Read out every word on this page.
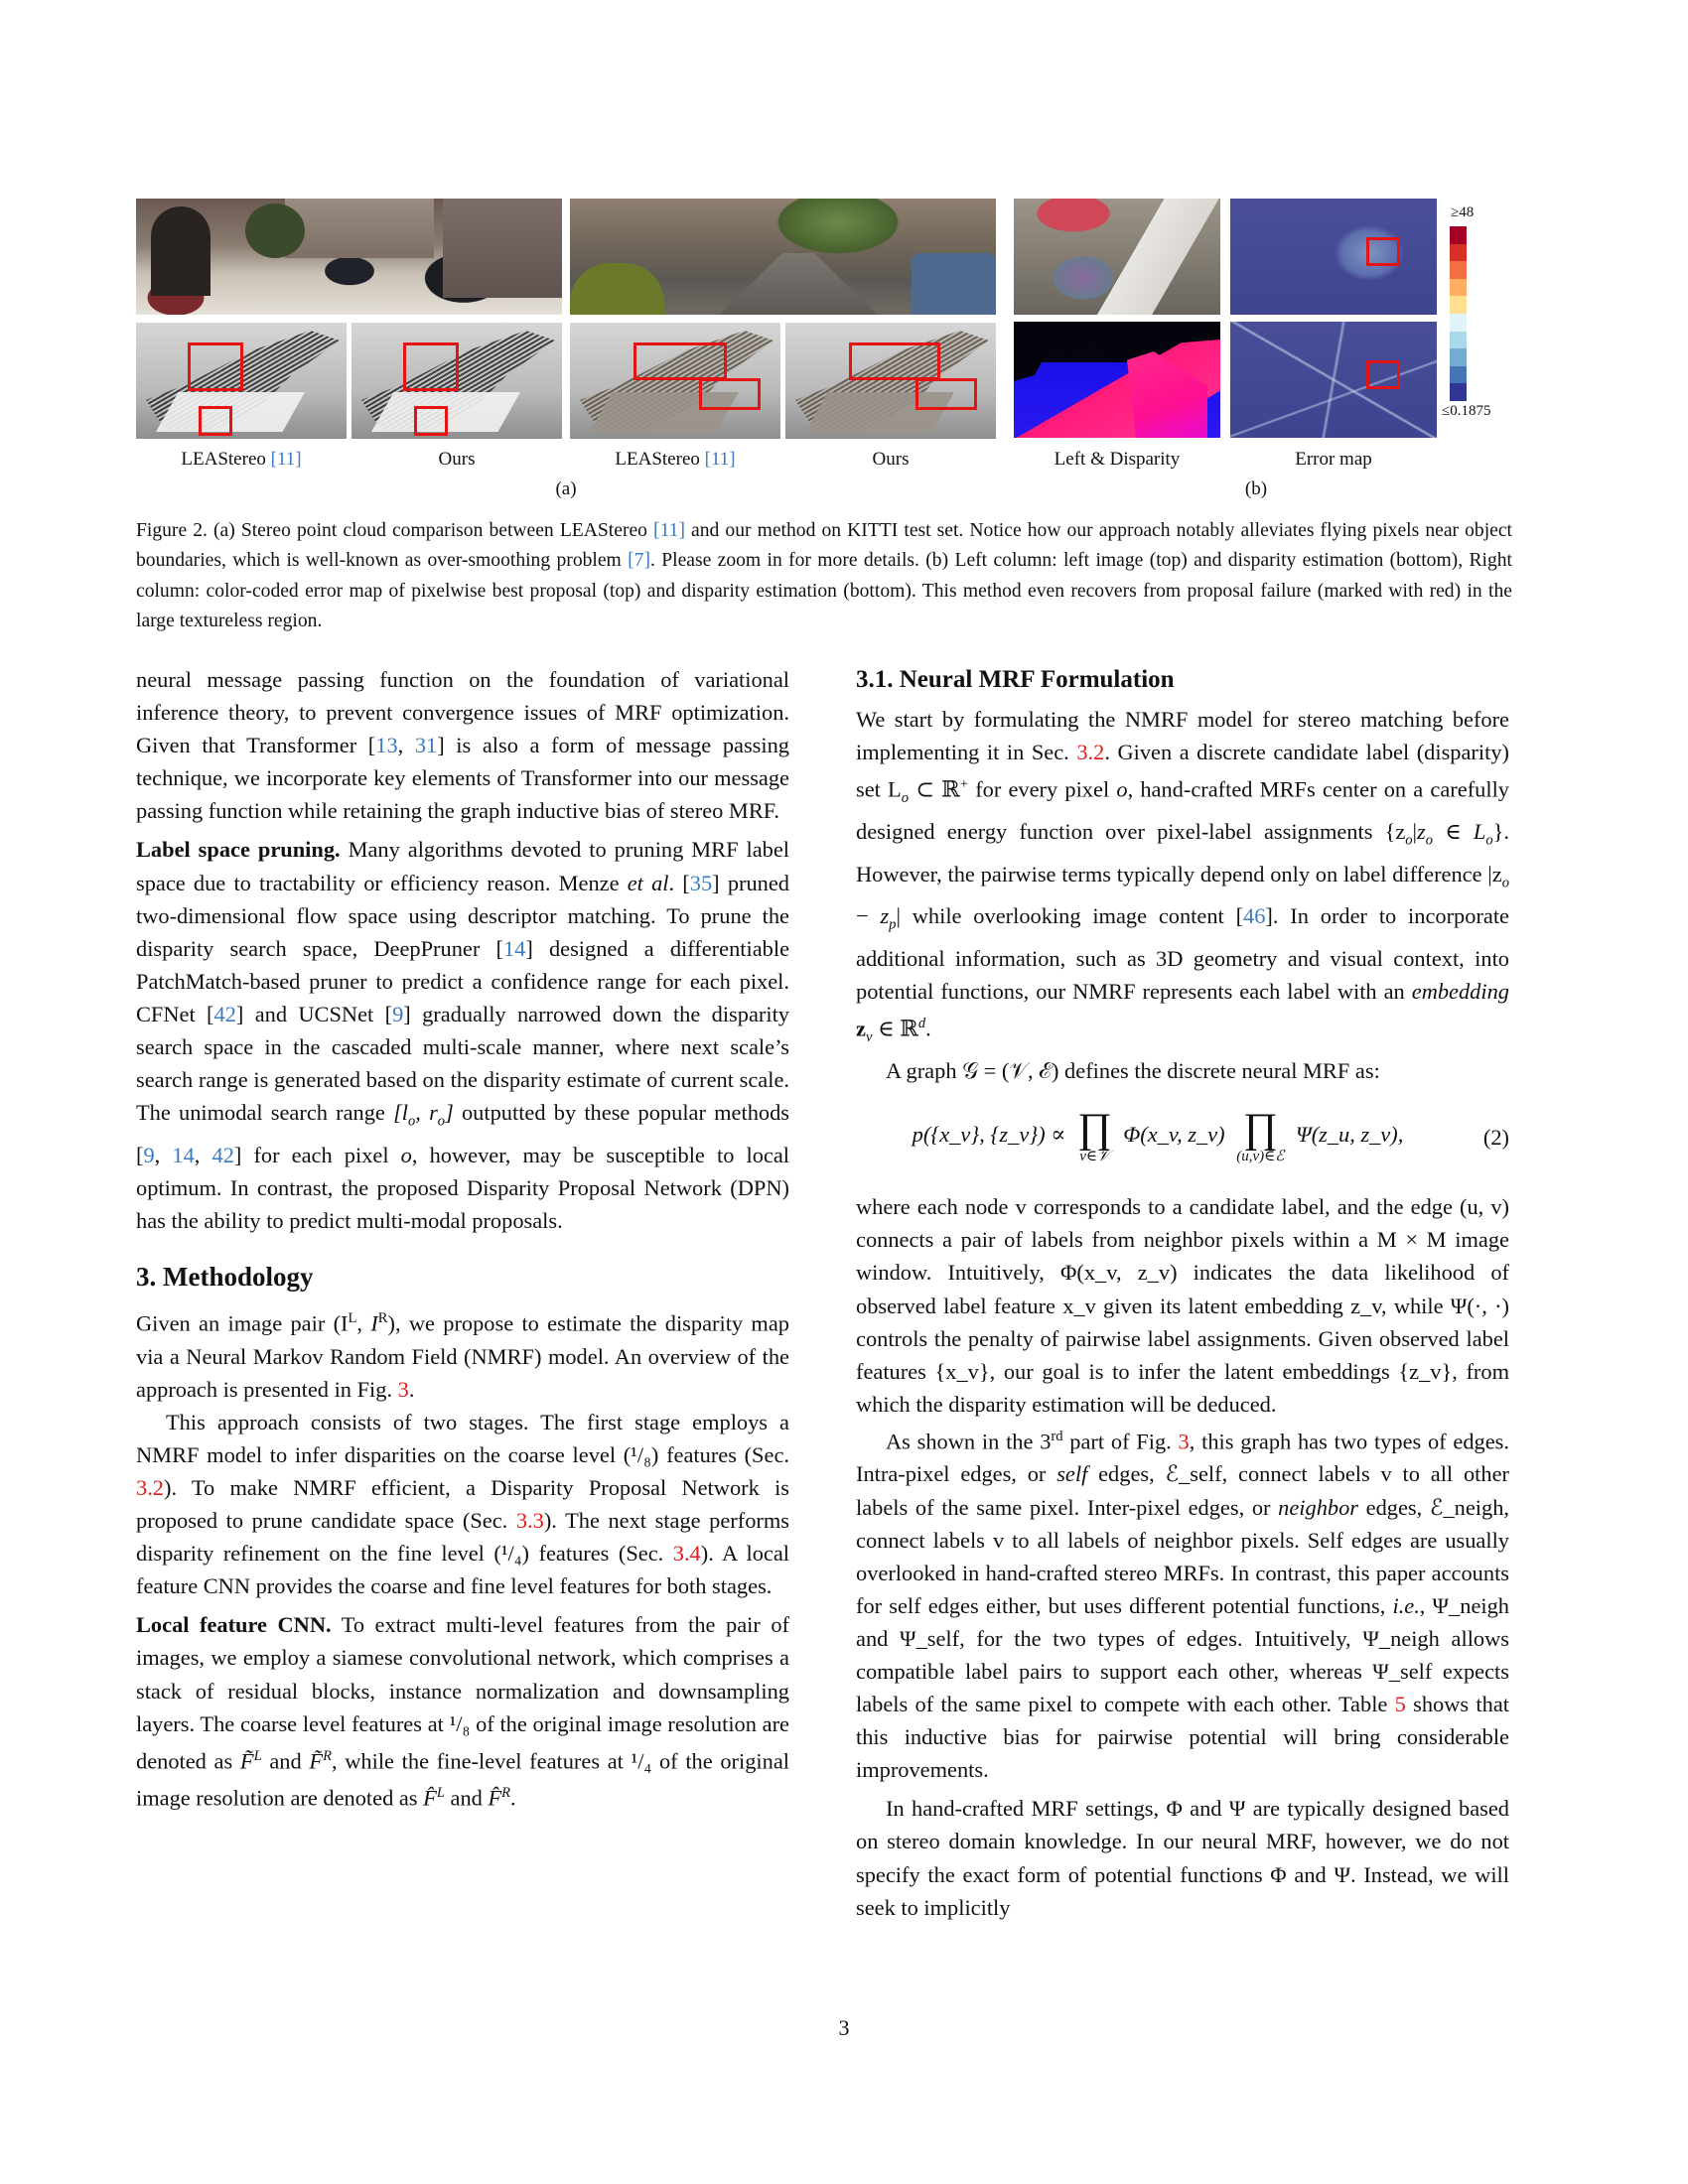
≥48
≤0.1875
LEAStereo [11]	Ours	LEAStereo [11]	Ours	Left & Disparity	Error map
(a)	(b)
Figure 2. (a) Stereo point cloud comparison between LEAStereo [11] and our method on KITTI test set. Notice how our approach notably alleviates flying pixels near object boundaries, which is well-known as over-smoothing problem [7]. Please zoom in for more details. (b) Left column: left image (top) and disparity estimation (bottom), Right column: color-coded error map of pixelwise best proposal (top) and disparity estimation (bottom). This method even recovers from proposal failure (marked with red) in the large textureless region.

neural message passing function on the foundation of variational inference theory, to prevent convergence issues of MRF optimization. Given that Transformer [13, 31] is also a form of message passing technique, we incorporate key elements of Transformer into our message passing function while retaining the graph inductive bias of stereo MRF.

Label space pruning. Many algorithms devoted to pruning MRF label space due to tractability or efficiency reason. Menze et al. [35] pruned two-dimensional flow space using descriptor matching. To prune the disparity search space, DeepPruner [14] designed a differentiable PatchMatch-based pruner to predict a confidence range for each pixel. CFNet [42] and UCSNet [9] gradually narrowed down the disparity search space in the cascaded multi-scale manner, where next scale’s search range is generated based on the disparity estimate of current scale. The unimodal search range [$l_o$, $r_o$] outputted by these popular methods [9, 14, 42] for each pixel o, however, may be susceptible to local optimum. In contrast, the proposed Disparity Proposal Network (DPN) has the ability to predict multi-modal proposals.

3. Methodology

Given an image pair ($I^L$, $I^R$), we propose to estimate the disparity map via a Neural Markov Random Field (NMRF) model. An overview of the approach is presented in Fig. 3.

This approach consists of two stages. The first stage employs a NMRF model to infer disparities on the coarse level (¹/₈) features (Sec. 3.2). To make NMRF efficient, a Disparity Proposal Network is proposed to prune candidate space (Sec. 3.3). The next stage performs disparity refinement on the fine level (¹/₄) features (Sec. 3.4). A local feature CNN provides the coarse and fine level features for both stages.

Local feature CNN. To extract multi-level features from the pair of images, we employ a siamese convolutional network, which comprises a stack of residual blocks, instance normalization and downsampling layers. The coarse level features at ¹/₈ of the original image resolution are denoted as F̃$^L$ and F̃$^R$, while the fine-level features at ¹/₄ of the original image resolution are denoted as F̂$^L$ and F̂$^R$.

3.1. Neural MRF Formulation

We start by formulating the NMRF model for stereo matching before implementing it in Sec. 3.2. Given a discrete candidate label (disparity) set $L_o$ ⊂ ℝ+ for every pixel o, hand-crafted MRFs center on a carefully designed energy function over pixel-label assignments {$z_o|z_o$ ∈ $L_o$}. However, the pairwise terms typically depend only on label difference $|z_o - z_p|$ while overlooking image content [46]. In order to incorporate additional information, such as 3D geometry and visual context, into potential functions, our NMRF represents each label with an embedding $z_v$ ∈ ℝ$^d$.

A graph 𝒢 = (𝒱, ℰ) defines the discrete neural MRF as:

p({x_v}, {z_v}) ∝ ∏
v∈𝒱
Φ(x_v, z_v) ∏
(u,v)∈ℰ
Ψ(z_u, z_v),	(2)

where each node v corresponds to a candidate label, and the edge (u, v) connects a pair of labels from neighbor pixels within a M × M image window. Intuitively, Φ(x_v, z_v) indicates the data likelihood of observed label feature x_v given its latent embedding z_v, while Ψ(·, ·) controls the penalty of pairwise label assignments. Given observed label features {x_v}, our goal is to infer the latent embeddings {z_v}, from which the disparity estimation will be deduced.

As shown in the 3rd part of Fig. 3, this graph has two types of edges. Intra-pixel edges, or self edges, ℰ_self, connect labels v to all other labels of the same pixel. Inter-pixel edges, or neighbor edges, ℰ_neigh, connect labels v to all labels of neighbor pixels. Self edges are usually overlooked in hand-crafted stereo MRFs. In contrast, this paper accounts for self edges either, but uses different potential functions, i.e., Ψ_neigh and Ψ_self, for the two types of edges. Intuitively, Ψ_neigh allows compatible label pairs to support each other, whereas Ψ_self expects labels of the same pixel to compete with each other. Table 5 shows that this inductive bias for pairwise potential will bring considerable improvements.

In hand-crafted MRF settings, Φ and Ψ are typically designed based on stereo domain knowledge. In our neural MRF, however, we do not specify the exact form of potential functions Φ and Ψ. Instead, we will seek to implicitly

3
